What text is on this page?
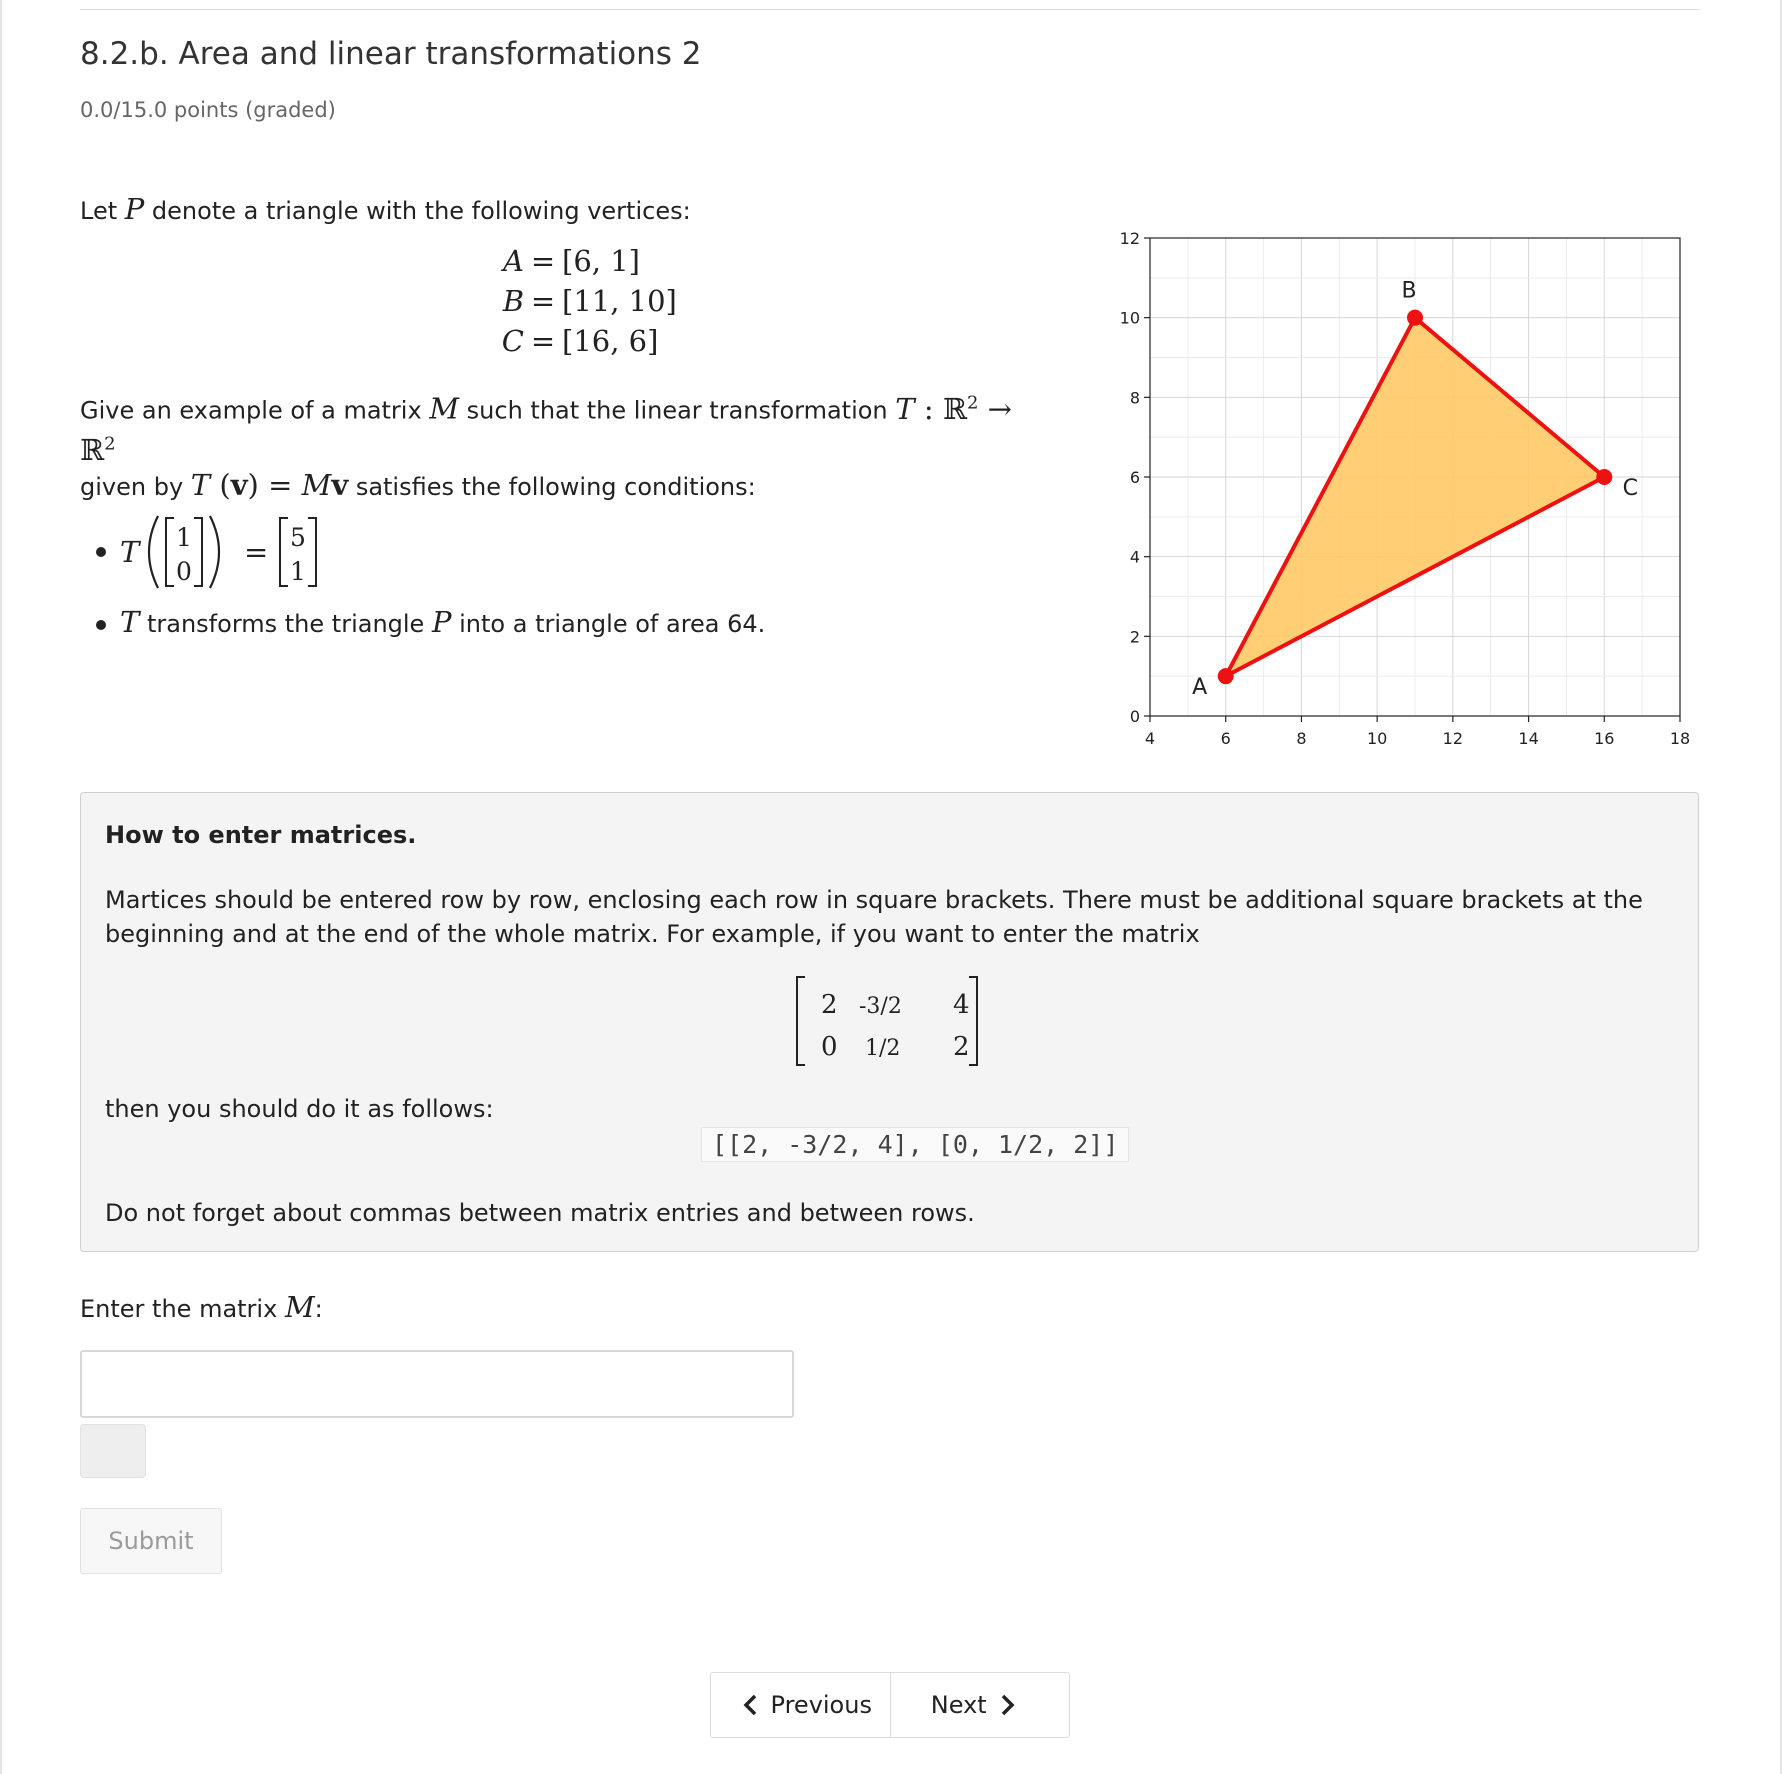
8.2.b. Area and linear transformations 2
0.0/15.0 points (graded)
Let P denote a triangle with the following vertices:
A = [6, 1]
B = [11, 10]
C = [16, 6]
Give an example of a matrix M such that the linear transformation T : ℝ$^2$ → ℝ$^2$
given by T (v) = Mv satisfies the following conditions:
T 1
0
= 5
1
T transforms the triangle P into a triangle of area 64.
4	6	8	10	12	14	16	18
0
2
4
6
8
10
12
A
B
C
How to enter matrices.
Martices should be entered row by row, enclosing each row in square brackets. There must be additional square brackets at the beginning and at the end of the whole matrix. For example, if you want to enter the matrix
2 -3/2 4
0 1/2 2
then you should do it as follows:
[[2, -3/2, 4], [0, 1/2, 2]]
Do not forget about commas between matrix entries and between rows.
Enter the matrix M:
Submit
Previous Next
